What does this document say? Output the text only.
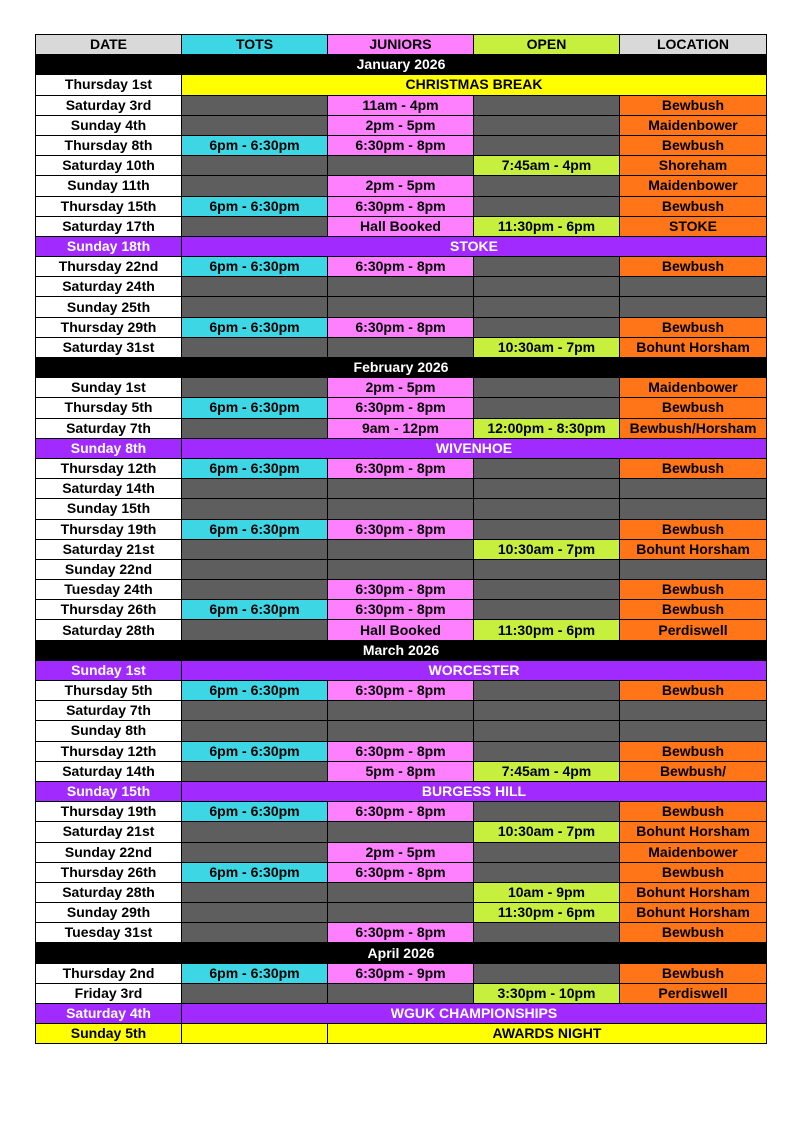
DATE	TOTS	JUNIORS	OPEN	LOCATION
January 2026				
Thursday 1st	CHRISTMAS BREAK			
Saturday 3rd		11am - 4pm		Bewbush
Sunday 4th		2pm - 5pm		Maidenbower
Thursday 8th	6pm - 6:30pm	6:30pm - 8pm		Bewbush
Saturday 10th			7:45am - 4pm	Shoreham
Sunday 11th		2pm - 5pm		Maidenbower
Thursday 15th	6pm - 6:30pm	6:30pm - 8pm		Bewbush
Saturday 17th		Hall Booked	11:30pm - 6pm	STOKE
Sunday 18th	STOKE			
Thursday 22nd	6pm - 6:30pm	6:30pm - 8pm		Bewbush
Saturday 24th				
Sunday 25th				
Thursday 29th	6pm - 6:30pm	6:30pm - 8pm		Bewbush
Saturday 31st			10:30am - 7pm	Bohunt Horsham
February 2026				
Sunday 1st		2pm - 5pm		Maidenbower
Thursday 5th	6pm - 6:30pm	6:30pm - 8pm		Bewbush
Saturday 7th		9am - 12pm	12:00pm - 8:30pm	Bewbush/Horsham
Sunday 8th	WIVENHOE			
Thursday 12th	6pm - 6:30pm	6:30pm - 8pm		Bewbush
Saturday 14th				
Sunday 15th				
Thursday 19th	6pm - 6:30pm	6:30pm - 8pm		Bewbush
Saturday 21st			10:30am - 7pm	Bohunt Horsham
Sunday 22nd				
Tuesday 24th		6:30pm - 8pm		Bewbush
Thursday 26th	6pm - 6:30pm	6:30pm - 8pm		Bewbush
Saturday 28th		Hall Booked	11:30pm - 6pm	Perdiswell
March 2026				
Sunday 1st	WORCESTER			
Thursday 5th	6pm - 6:30pm	6:30pm - 8pm		Bewbush
Saturday 7th				
Sunday 8th				
Thursday 12th	6pm - 6:30pm	6:30pm - 8pm		Bewbush
Saturday 14th		5pm - 8pm	7:45am - 4pm	Bewbush/
Sunday 15th	BURGESS HILL			
Thursday 19th	6pm - 6:30pm	6:30pm - 8pm		Bewbush
Saturday 21st			10:30am - 7pm	Bohunt Horsham
Sunday 22nd		2pm - 5pm		Maidenbower
Thursday 26th	6pm - 6:30pm	6:30pm - 8pm		Bewbush
Saturday 28th			10am - 9pm	Bohunt Horsham
Sunday 29th			11:30pm - 6pm	Bohunt Horsham
Tuesday 31st		6:30pm - 8pm		Bewbush
April 2026				
Thursday 2nd	6pm - 6:30pm	6:30pm - 9pm		Bewbush
Friday 3rd			3:30pm - 10pm	Perdiswell
Saturday 4th	WGUK CHAMPIONSHIPS			
Sunday 5th		AWARDS NIGHT		
